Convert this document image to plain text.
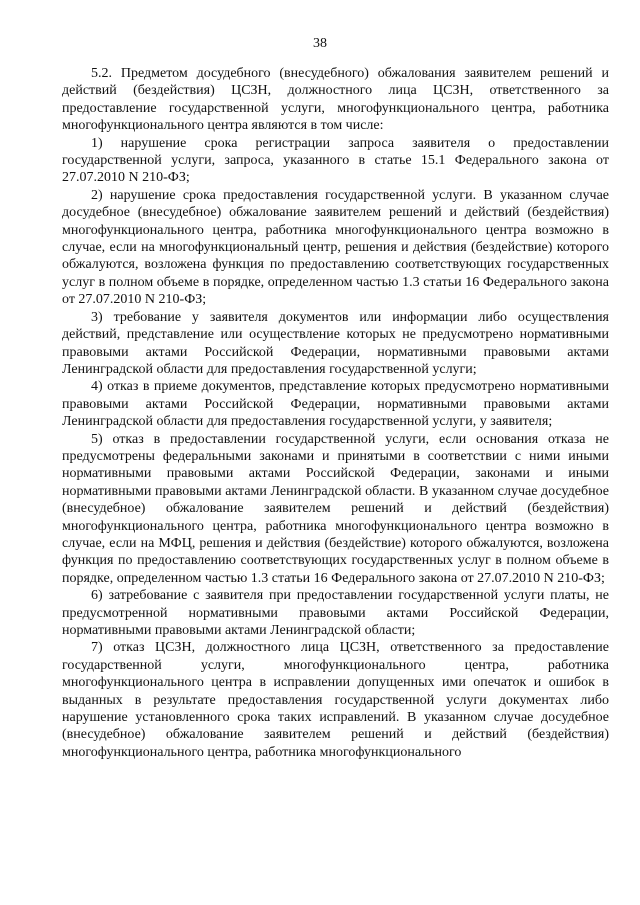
38

5.2. Предметом досудебного (внесудебного) обжалования заявителем решений и действий (бездействия) ЦСЗН, должностного лица ЦСЗН, ответственного за предоставление государственной услуги, многофункционального центра, работника многофункционального центра являются в том числе:

1) нарушение срока регистрации запроса заявителя о предоставлении государственной услуги, запроса, указанного в статье 15.1 Федерального закона от 27.07.2010 N 210-ФЗ;

2) нарушение срока предоставления государственной услуги. В указанном случае досудебное (внесудебное) обжалование заявителем решений и действий (бездействия) многофункционального центра, работника многофункционального центра возможно в случае, если на многофункциональный центр, решения и действия (бездействие) которого обжалуются, возложена функция по предоставлению соответствующих государственных услуг в полном объеме в порядке, определенном частью 1.3 статьи 16 Федерального закона от 27.07.2010 N 210-ФЗ;

3) требование у заявителя документов или информации либо осуществления действий, представление или осуществление которых не предусмотрено нормативными правовыми актами Российской Федерации, нормативными правовыми актами Ленинградской области для предоставления государственной услуги;

4) отказ в приеме документов, представление которых предусмотрено нормативными правовыми актами Российской Федерации, нормативными правовыми актами Ленинградской области для предоставления государственной услуги, у заявителя;

5) отказ в предоставлении государственной услуги, если основания отказа не предусмотрены федеральными законами и принятыми в соответствии с ними иными нормативными правовыми актами Российской Федерации, законами и иными нормативными правовыми актами Ленинградской области. В указанном случае досудебное (внесудебное) обжалование заявителем решений и действий (бездействия) многофункционального центра, работника многофункционального центра возможно в случае, если на МФЦ, решения и действия (бездействие) которого обжалуются, возложена функция по предоставлению соответствующих государственных услуг в полном объеме в порядке, определенном частью 1.3 статьи 16 Федерального закона от 27.07.2010 N 210-ФЗ;

6) затребование с заявителя при предоставлении государственной услуги платы, не предусмотренной нормативными правовыми актами Российской Федерации, нормативными правовыми актами Ленинградской области;

7) отказ ЦСЗН, должностного лица ЦСЗН, ответственного за предоставление государственной услуги, многофункционального центра, работника многофункционального центра в исправлении допущенных ими опечаток и ошибок в выданных в результате предоставления государственной услуги документах либо нарушение установленного срока таких исправлений. В указанном случае досудебное (внесудебное) обжалование заявителем решений и действий (бездействия) многофункционального центра, работника многофункционального
